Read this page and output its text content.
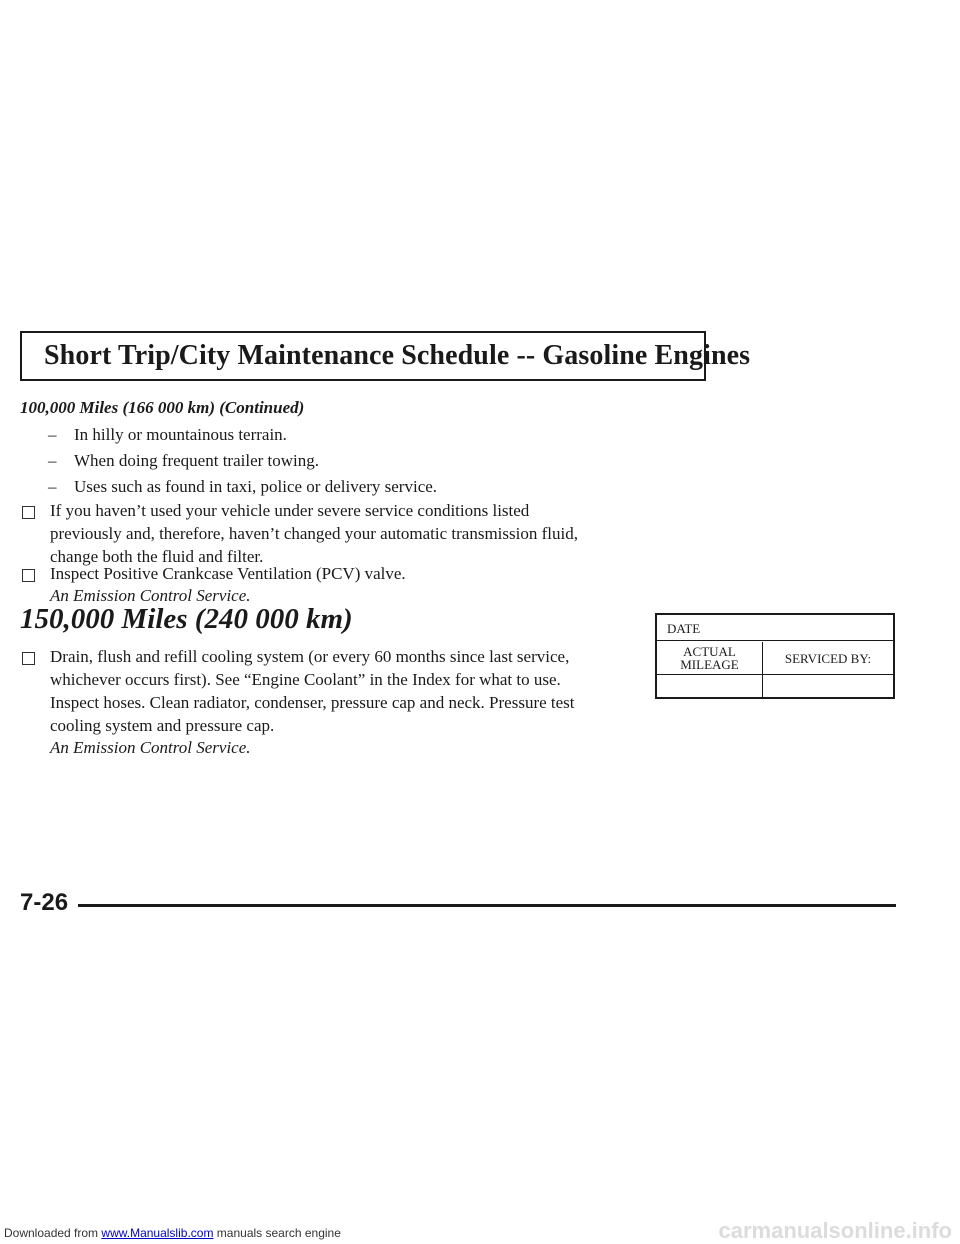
Short Trip/City Maintenance Schedule -- Gasoline Engines
100,000 Miles (166 000 km) (Continued)
– In hilly or mountainous terrain.
– When doing frequent trailer towing.
– Uses such as found in taxi, police or delivery service.
If you haven’t used your vehicle under severe service conditions listed
previously and, therefore, haven’t changed your automatic transmission fluid,
change both the fluid and filter.
Inspect Positive Crankcase Ventilation (PCV) valve.
An Emission Control Service.
150,000 Miles (240 000 km)
Drain, flush and refill cooling system (or every 60 months since last service,
whichever occurs first). See “Engine Coolant” in the Index for what to use.
Inspect hoses. Clean radiator, condenser, pressure cap and neck. Pressure test
cooling system and pressure cap.
An Emission Control Service.
DATE
ACTUAL
MILEAGE	SERVICED BY:
7-26
Downloaded from www.Manualslib.com manuals search engine	carmanualsonline.info
